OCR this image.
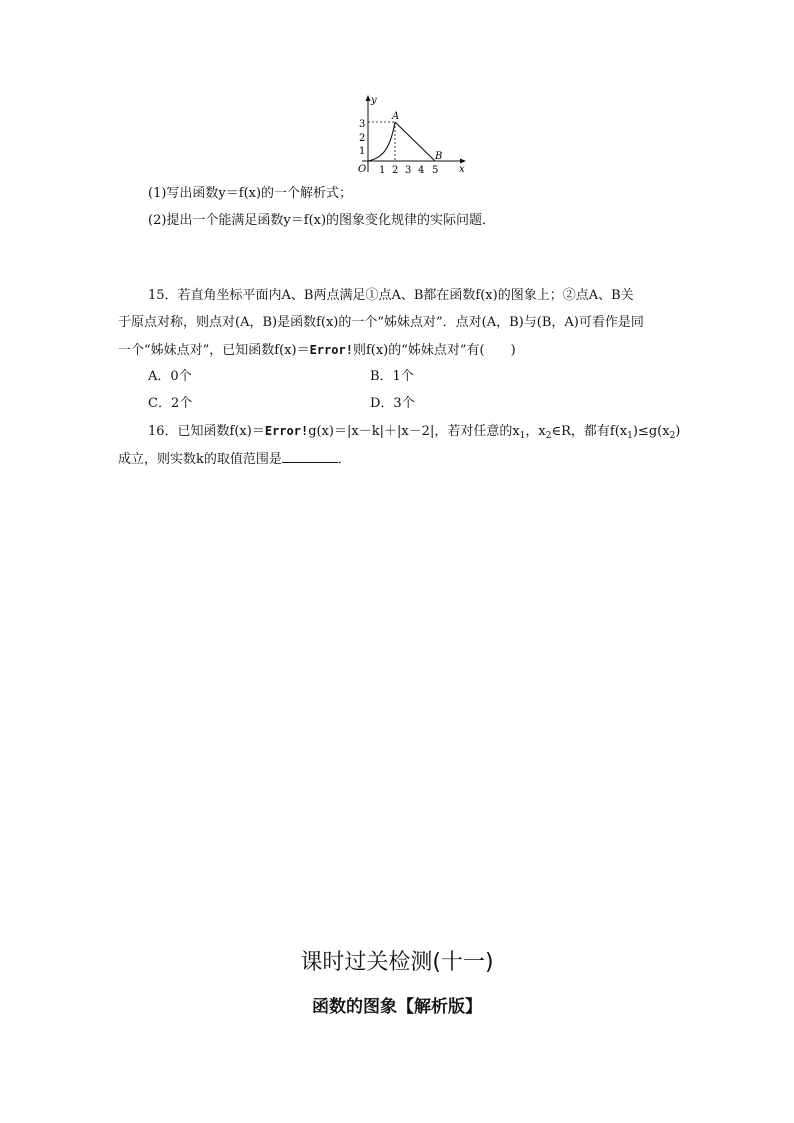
y
x
O
1
2
3
1 2 3 4 5
A
B
(1)写出函数y＝f(x)的一个解析式；
(2)提出一个能满足函数y＝f(x)的图象变化规律的实际问题．
15．若直角坐标平面内A、B两点满足①点A、B都在函数f(x)的图象上；②点A、B关
于原点对称，则点对(A，B)是函数f(x)的一个“姊妹点对”．点对(A，B)与(B，A)可看作是同
一个“姊妹点对”，已知函数f(x)＝Error!则f(x)的“姊妹点对”有(　　)
A．0个	B．1个
C．2个	D．3个
16．已知函数f(x)＝Error!g(x)＝|x－k|＋|x－2|，若对任意的$x_1$，$x_2\in R$，都有$f(x_1)\le g(x_2)$
成立，则实数k的取值范围是	．
课时过关检测(十一)
函数的图象【解析版】
